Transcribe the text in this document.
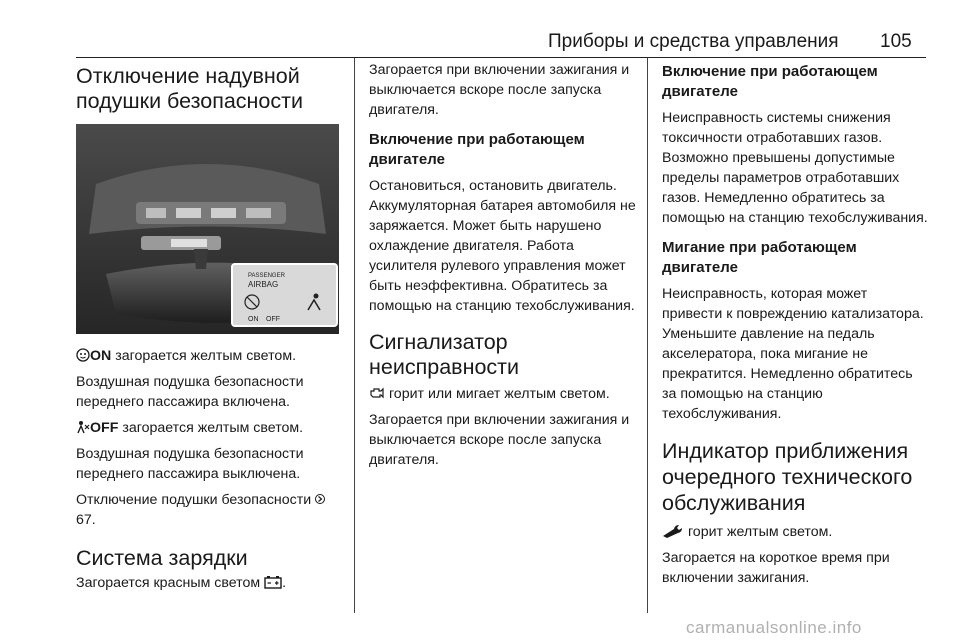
Приборы и средства управления 105
Отключение надувной подушки безопасности
PASSENGER
AIRBAG
ON OFF

ON загорается желтым светом.

Воздушная подушка безопасности переднего пассажира включена.

OFF загорается желтым светом.

Воздушная подушка безопасности переднего пассажира выключена.

Отключение подушки безопасности  67.

Система зарядки

Загорается красным светом .

Загорается при включении зажигания и выключается вскоре после запуска двигателя.

Включение при работающем двигателе

Остановиться, остановить двигатель. Аккумуляторная батарея автомобиля не заряжается. Может быть нарушено охлаждение двигателя. Работа усилителя рулевого управления может быть неэффективна. Обратитесь за помощью на станцию техобслуживания.

Сигнализатор неисправности

горит или мигает желтым светом.

Загорается при включении зажигания и выключается вскоре после запуска двигателя.

Включение при работающем двигателе

Неисправность системы снижения токсичности отработавших газов. Возможно превышены допустимые пределы параметров отработавших газов. Немедленно обратитесь за помощью на станцию техобслуживания.

Мигание при работающем двигателе

Неисправность, которая может привести к повреждению катализатора. Уменьшите давление на педаль акселератора, пока мигание не прекратится. Немедленно обратитесь за помощью на станцию техобслуживания.

Индикатор приближения очередного технического обслуживания

горит желтым светом.

Загорается на короткое время при включении зажигания.

carmanualsonline.info
